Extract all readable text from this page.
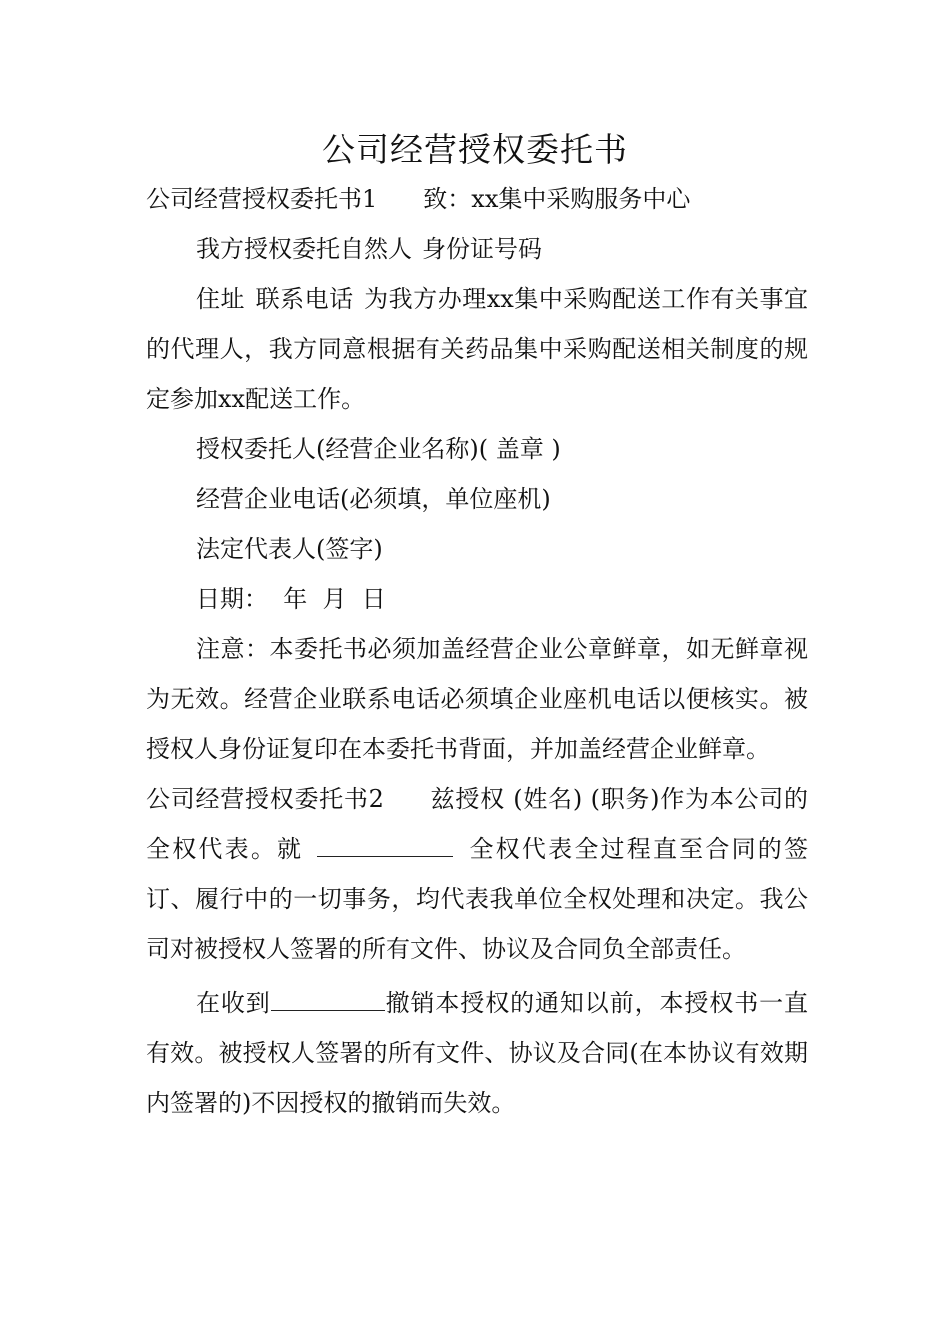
公司经营授权委托书

公司经营授权委托书1 致：xx集中采购服务中心

我方授权委托自然人 身份证号码

住址 联系电话 为我方办理xx集中采购配送工作有关事宜的代理人，我方同意根据有关药品集中采购配送相关制度的规定参加xx配送工作。

授权委托人(经营企业名称)( 盖章 )

经营企业电话(必须填，单位座机)

法定代表人(签字)

日期：  年  月  日

注意：本委托书必须加盖经营企业公章鲜章，如无鲜章视为无效。经营企业联系电话必须填企业座机电话以便核实。被授权人身份证复印在本委托书背面，并加盖经营企业鲜章。

公司经营授权委托书2 兹授权 (姓名) (职务)作为本公司的全权代表。就	全权代表全过程直至合同的签订、履行中的一切事务，均代表我单位全权处理和决定。我公司对被授权人签署的所有文件、协议及合同负全部责任。

在收到	撤销本授权的通知以前，本授权书一直有效。被授权人签署的所有文件、协议及合同(在本协议有效期内签署的)不因授权的撤销而失效。
